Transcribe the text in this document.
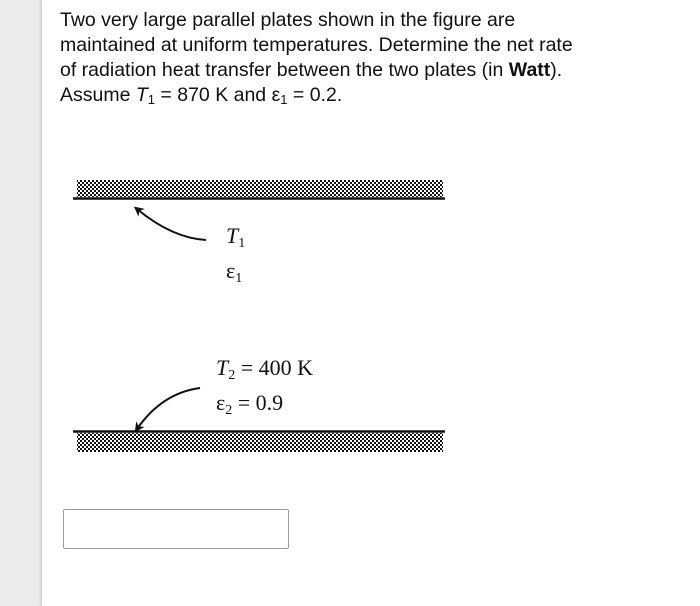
Two very large parallel plates shown in the figure are
maintained at uniform temperatures. Determine the net rate
of radiation heat transfer between the two plates (in Watt).
Assume $T_1 = 870$ K and $\varepsilon_1 = 0.2$.
$T_1$
$\varepsilon_1$
$T_2 = 400$ K
$\varepsilon_2 = 0.9$
